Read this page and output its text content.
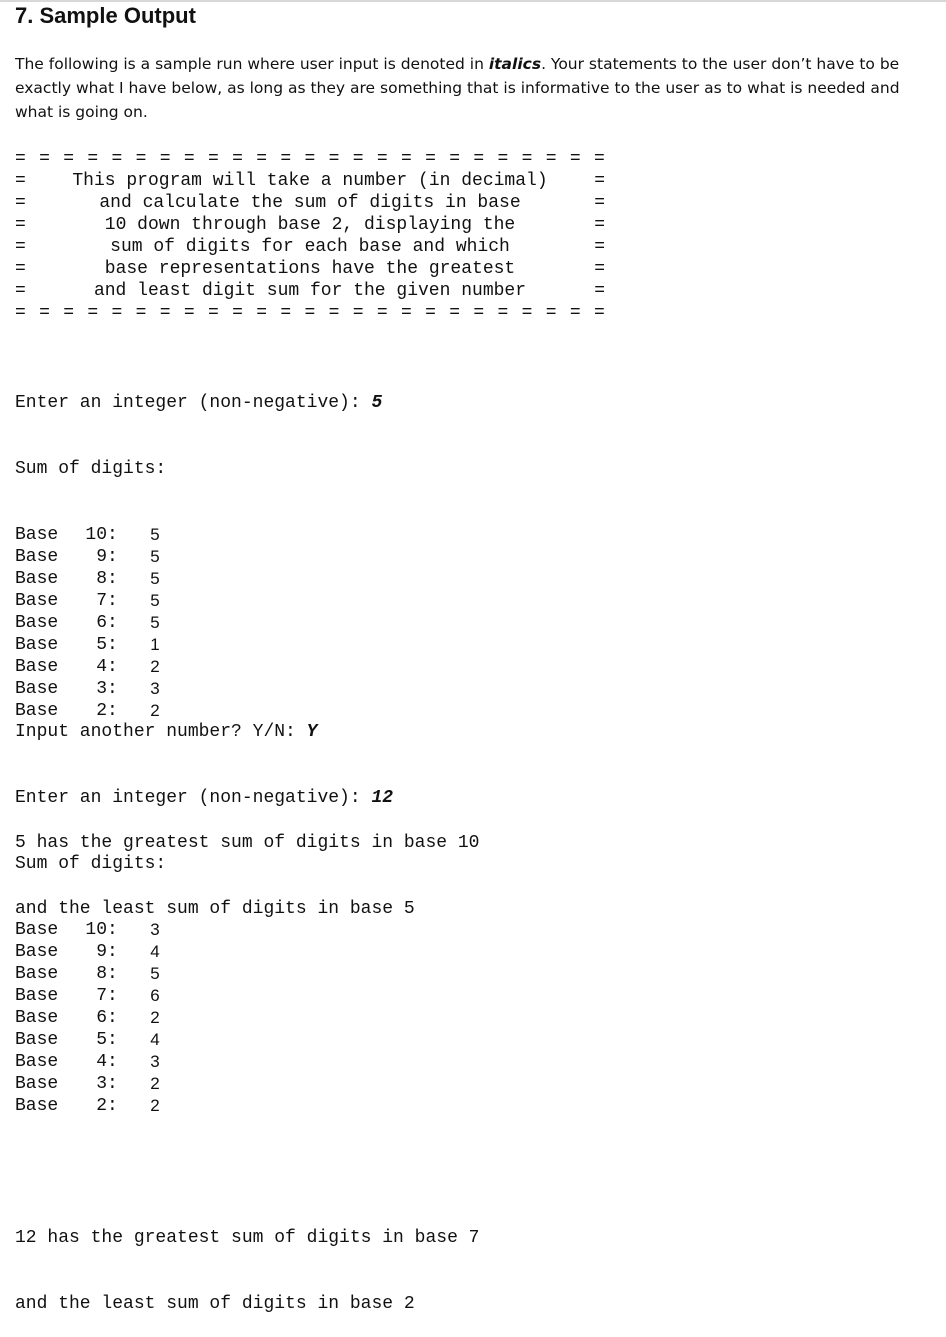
7. Sample Output

The following is a sample run where user input is denoted in italics. Your statements to the user don’t have to be exactly what I have below, as long as they are something that is informative to the user as to what is needed and what is going on.

= = = = = = = = = = = = = = = = = = = = = = = = =
=	This program will take a number (in decimal)	=
=	and calculate the sum of digits in base	=
=	10 down through base 2, displaying the	=
=	sum of digits for each base and which	=
=	base representations have the greatest	=
=	and least digit sum for the given number	=
= = = = = = = = = = = = = = = = = = = = = = = = =

Enter an integer (non-negative): 5

Sum of digits:

Base	10 :	5
Base	9 :	5
Base	8 :	5
Base	7 :	5
Base	6 :	5
Base	5 :	1
Base	4 :	2
Base	3 :	3
Base	2 :	2

5 has the greatest sum of digits in base 10

and the least sum of digits in base 5

Input another number? Y/N: Y

Enter an integer (non-negative): 12

Sum of digits:

Base	10 :	3
Base	9 :	4
Base	8 :	5
Base	7 :	6
Base	6 :	2
Base	5 :	4
Base	4 :	3
Base	3 :	2
Base	2 :	2

12 has the greatest sum of digits in base 7

and the least sum of digits in base 2
